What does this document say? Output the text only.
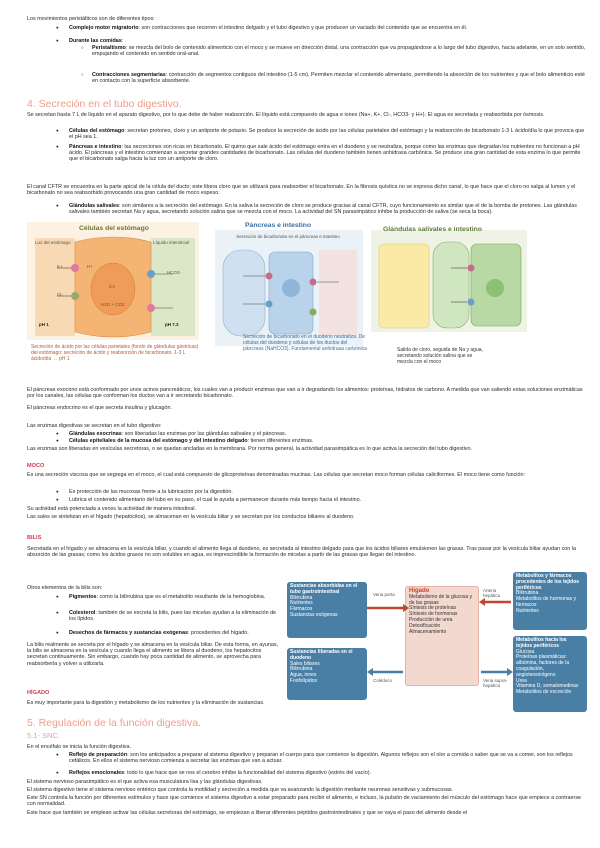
Los movimientos peristálticos son de diferentes tipos:
● Complejo motor migratorio: son contracciones que recorren el intestino delgado y el tubo digestivo y que producen un vaciado del contenido que se encuentra en él.
● Durante las comidas:
○ Peristaltismo: se mezcla del bolo de contenido alimenticio con el moco y se mueve en dirección distal, una contracción que va propagándose a lo largo del tubo digestivo, hacia adelante, en un solo sentido, empujando el contenido en sentido oral-anal.
○ Contracciones segmentarias: contracción de segmentos contiguos del intestino (1-5 cm). Permiten mezclar el contenido alimentario, permitiendo la absorción de los nutrientes y que el bolo alimenticio esté en contacto con la superficie absorbente.
4. Secreción en el tubo digestivo.
Se secretan hasta 7 L de líquido en el aparato digestivo, por lo que debe de haber reabsorción. El líquido está compuesto de agua e iones (Na+, K+, Cl-, HCO3- y H+). El agua es secretada y reabsorbida por ósmosis.
● Células del estómago: secretan protones, cloro y un antiporte de potasio. Se produce la secreción de ácido por las células parietales del estómago y la reabsorción de bicarbonato 1-3 L ácido/día lo que provoca que el pH sea 1.
● Páncreas e intestino: las secreciones son ricas en bicarbonato. El quimo que sale ácido del estómago entra en el duodeno y se neutraliza, porque como las enzimas que degradan los nutrientes no funcionan a pH ácido. El páncreas y el intestino comienzan a secretar grandes cantidades de bicarbonato. Las células del duodeno también tienen anhidrasa carbónica. Se produce una gran cantidad de esta enzima lo que permite que el bicarbonato salga hacia la luz con un antiporte de cloro.
● Glándulas salivales: son similares a la secreción del estómago. En la saliva la secreción de cloro se produce gracias al canal CFTR, cuyo funcionamiento es similar que el de la bomba de protones. Las glándulas salivales también secretan Na y agua, secretando solución salina que se mezcla con el moco. La actividad del SN parasimpático inhibe la producción de saliva (se seca la boca).
El canal CFTR se encuentra en la parte apical de la célula del ducto; este libera cloro que se utilizará para reabsorber el bicarbonato. En la fibrosis quística no se expresa dicho canal, lo que hace que el cloro no salga al lumen y el bicarbonato no sea reabsorbido provocando una gran cantidad de moco espeso.
Células del estómago
Luz del estómago	Líquido intersticial
pH 1	pH 7.3
K+
Cl-
H+
HCO3-
CA
H2O + CO2
Secreción de ácido por las células parietales (fondo de glándulas gástricas) del estómago: secreción de ácido y reabsorción de bicarbonato. 1-3 L ácido/día → pH 1
Páncreas e intestino
Secreción de bicarbonato en el páncreas e intestino
Secreción de bicarbonato en el duodeno neutraliza. De células del duodeno y células de los ductos del páncreas (NaHCO3). Fundamental anhidrasa carbónica
Glándulas salivales e intestino
Salida de cloro, seguida de Na y agua, secretando solución salina que se mezcla con el moco
El páncreas exocrino está conformado por unos acinos pancreáticos, los cuales van a producir enzimas que van a ir degradando los alimentos: proteínas, hidratos de carbono. A medida que van saliendo estas soluciones enzimáticas por los canales, las células que conforman los ductos van a ir secretando bicarbonato.
El páncreas endocrino es el que secreta insulina y glucagón.
Las enzimas digestivas se secretan en el tubo digestivo:
● Glándulas exocrinas: son liberadas las enzimas por las glándulas salivales y el páncreas.
● Células epiteliales de la mucosa del estómago y del intestino delgado: tienen diferentes enzimas.
Las enzimas son liberadas en vesículas secretoras, o se quedan ancladas en la membrana. Por norma general, la actividad parasimpática es lo que activa la secreción del tubo digestivo.
MOCO
Es una secreción viscosa que se segrega en el moco, el cual está compuesto de glicoproteínas denominadas mucinas. Las células que secretan moco forman células caliciformes. El moco tiene como función:
● Es protección de las mucosas frente a la lubricación por la digestión.
● Lubrica el contenido alimentario del tubo en su paso, el cual le ayuda a permanecer durante más tiempo hacia el intestino.
Su actividad está potenciada a veces la actividad de manera intestinal.
Las sales se sintetizan en el hígado (hepatocitos), se almacenan en la vesícula biliar y se secretan por los conductos biliares al duodeno.
BILIS
Secretada en el hígado y se almacena en la vesícula biliar, y cuando el alimento llega al duodeno, es secretada al intestino delgado para que los ácidos biliares emulsionen las grasas. Tras pasar por la vesícula biliar ayudan con la absorción de las grasas; como los ácidos grasos no son solubles en agua, es imprescindible la formación de micelas a partir de las grasas que llegan del intestino.
Otros elementos de la bilis son:
● Pigmentos: como la bilirrubina que es el metabolito resultante de la hemoglobina.
● Colesterol: también de se excreta la bilis, pues las micelas ayudan a la eliminación de los lípidos.
● Desechos de fármacos y sustancias exógenas: procedentes del hígado.
La bilis realmente se secreta por el hígado y se almacena en la vesícula biliar. De esta forma, en ayunas, la bilis se almacena en la vesícula y cuando llega el alimento se libera al duodeno, los hepatocitos secretan continuamente. Sin embargo, cuando hay poca cantidad de alimento, se aprovecha para reabsorberla y volver a utilizarla.
HÍGADO
Es muy importante para la digestión y metabolismo de los nutrientes y la eliminación de sustancias.
Sustancias absorbidas en el tubo gastrointestinal
Bilirrubina
Nutrientes
Fármacos
Sustancias exógenas
Sustancias liberadas en el duodeno
Sales biliares
Bilirrubina
Agua, iones
Fosfolípidos
Hígado
Metabolismo de la glucosa y de las grasas
Síntesis de proteínas
Síntesis de hormonas
Producción de urea
Detoxificación
Almacenamiento
Metabolitos y fármacos procedentes de los tejidos periféricos
Bilirrubina
Metabolitos de hormonas y fármacos
Nutrientes
Metabolitos hacia los tejidos periféricos
Glucosa
Proteínas plasmáticas: albúmina, factores de la coagulación, angiotensinógeno
Urea
Vitamina D, somatomedinas
Metabolitos de excreción
Vena porta
Arteria hepática
Colédoco	Vena supra-hepática
5. Regulación de la función digestiva.
5.1- SNC.
En el encéfalo se inicia la función digestiva.
● Reflejo de preparación: son los anticipados a preparar al sistema digestivo y preparan el cuerpo para que comience la digestión. Algunos reflejos son el olor a comida o saber que se va a comer, son los reflejos cefálicos. En ellos el sistema nervioso comienza a secretar las enzimas que van a actuar.
● Reflejos emocionales: todo lo que hace que se nos el cerebro inhibe la funcionalidad del sistema digestivo (estrés del vacío).
El sistema nervioso parasimpático es el que activa esa musculatura lisa y las glándulas digestivas.
El sistema digestivo tiene el sistema nervioso entérico que controla la motilidad y secreción a medida que va avanzando la digestión mediante neuronas sensitivas y submucosas.
Este SN controla la función por diferentes estímulos y hace que comience el sistema digestivo a estar preparado para recibir el alimento, e incluso, la pulsión de vaciamiento del músculo del estómago hace que empiece a contraerse con normalidad.
Este hace que también se emplean activar las células secretoras del estómago, se empiezan a liberar diferentes péptidos gastrointestinales y que se vaya el paso del alimento desde el
